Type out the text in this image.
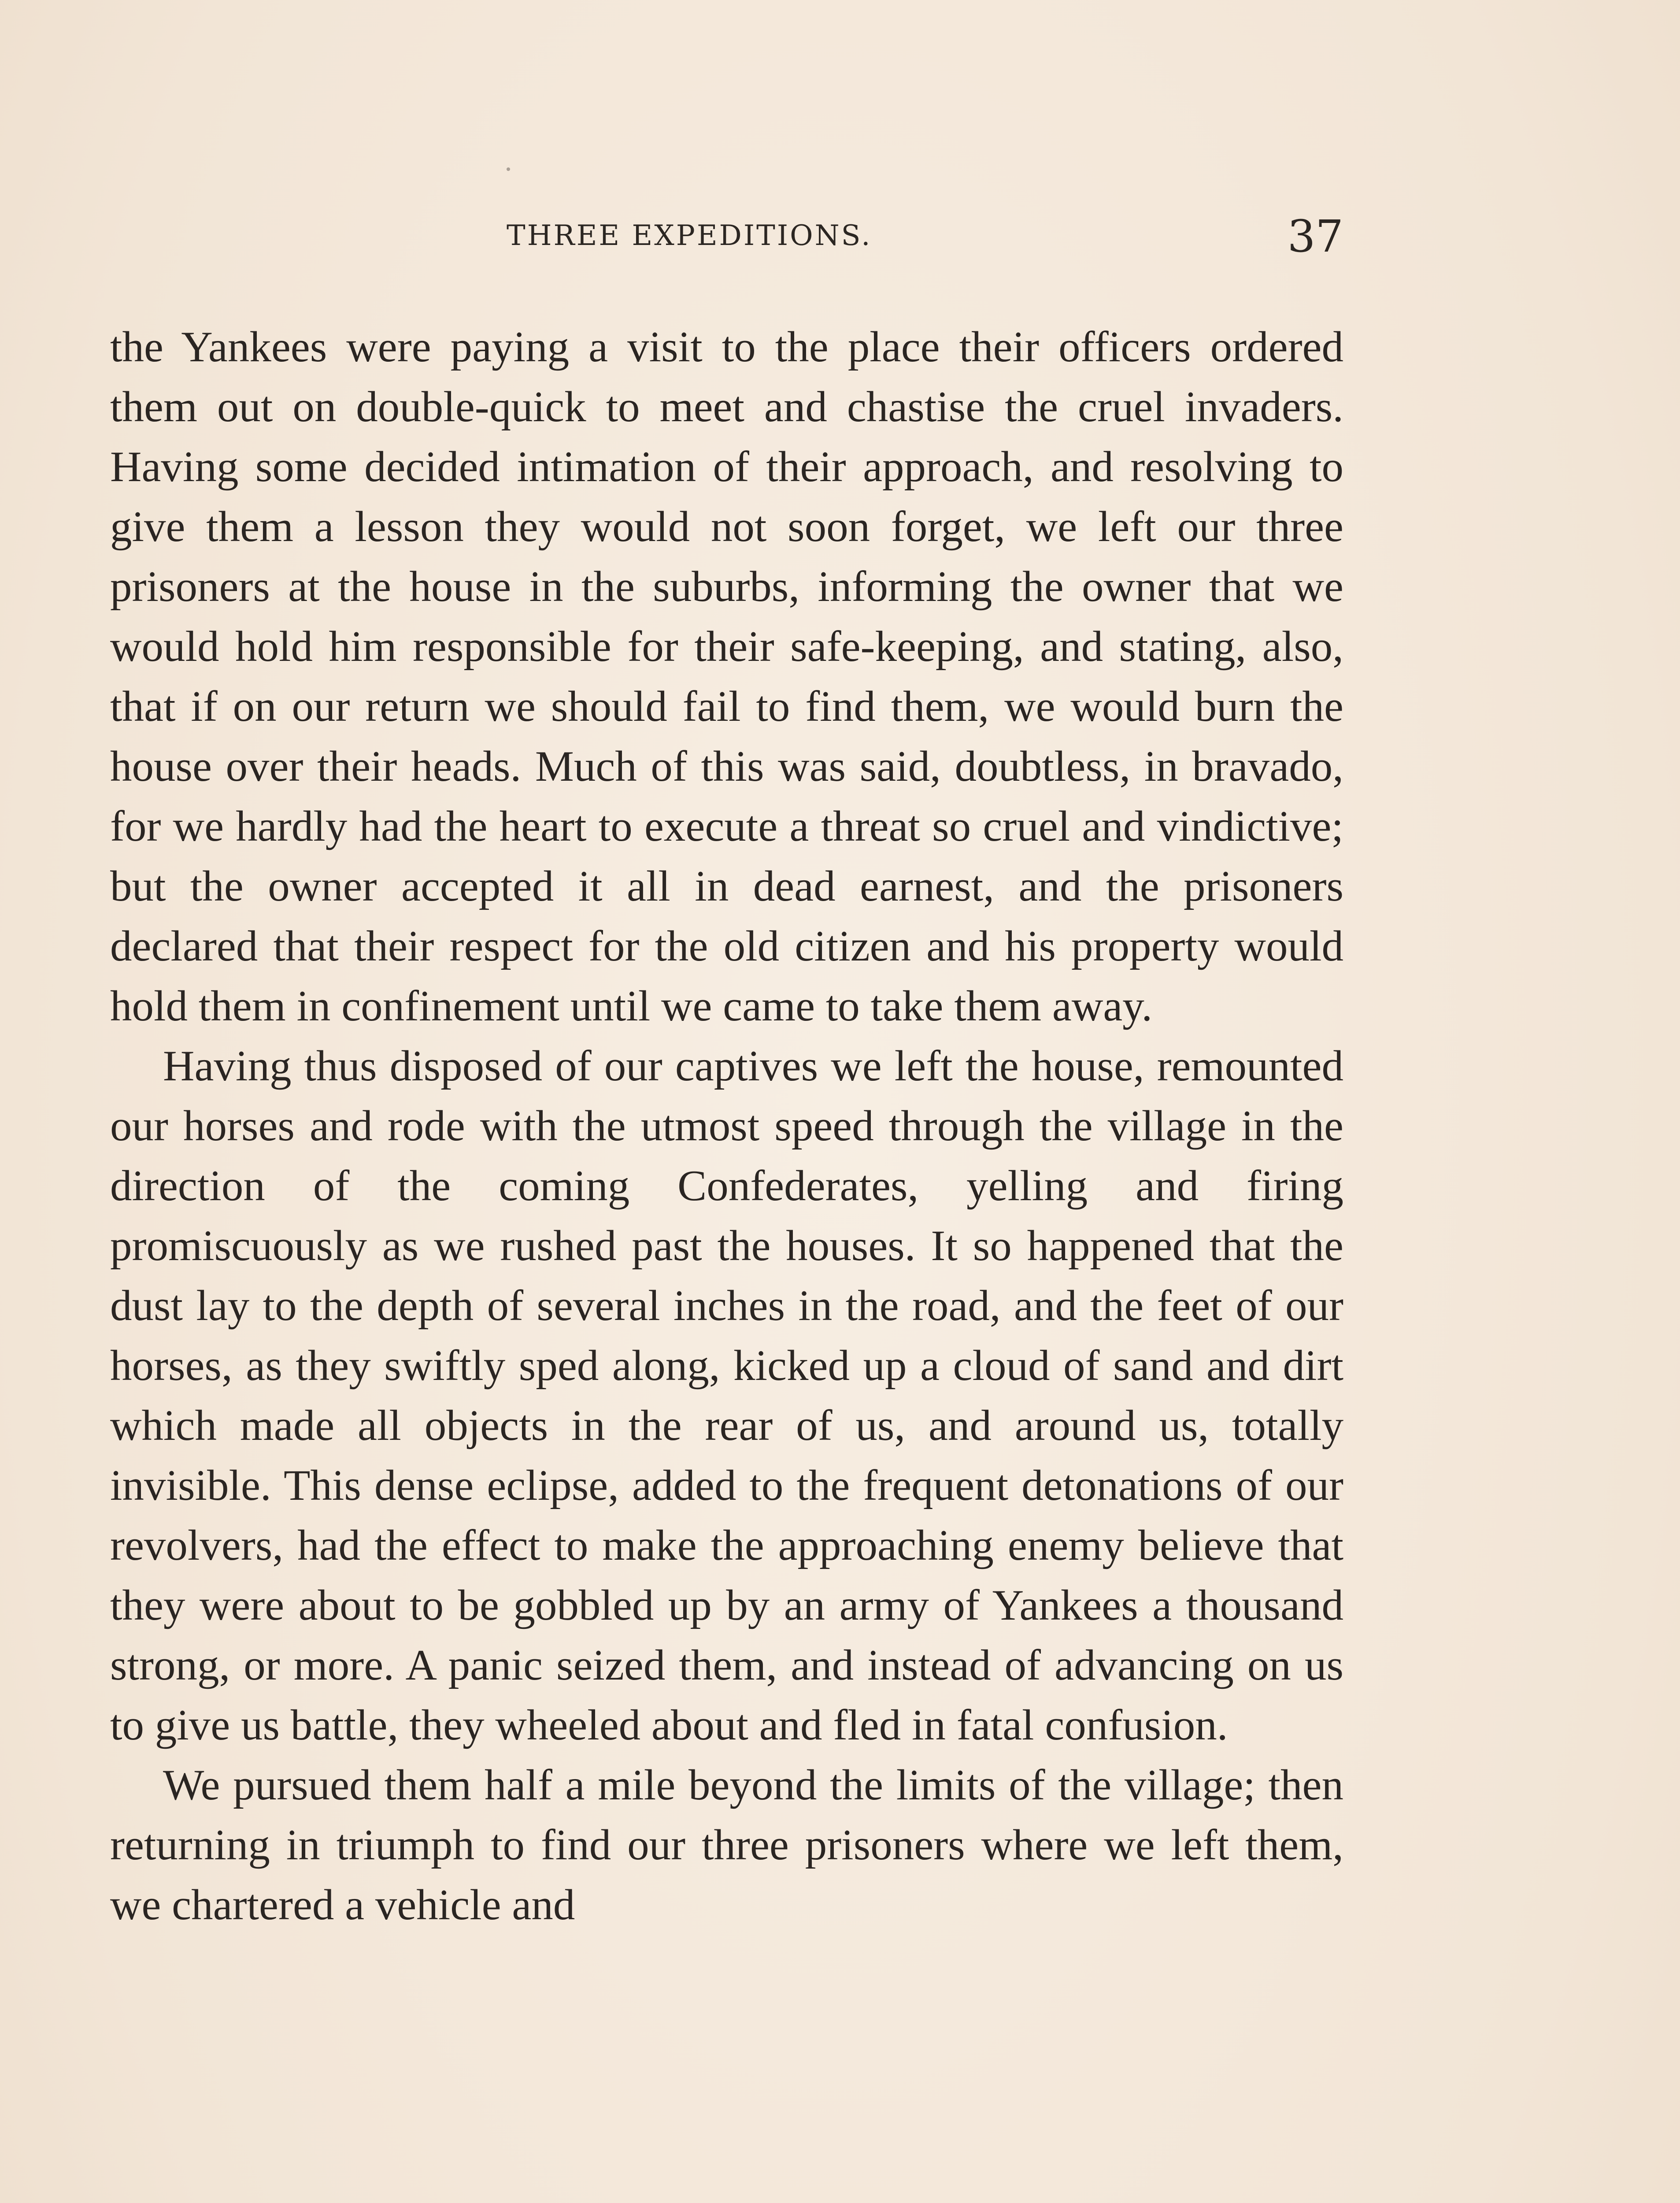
THREE EXPEDITIONS.	37

the Yankees were paying a visit to the place their officers ordered them out on double-quick to meet and chastise the cruel invaders. Having some decided intimation of their approach, and resolving to give them a lesson they would not soon forget, we left our three prisoners at the house in the suburbs, informing the owner that we would hold him responsible for their safe-keeping, and stating, also, that if on our return we should fail to find them, we would burn the house over their heads. Much of this was said, doubtless, in bravado, for we hardly had the heart to execute a threat so cruel and vindictive; but the owner accepted it all in dead earnest, and the prisoners declared that their respect for the old citizen and his property would hold them in confinement until we came to take them away.

Having thus disposed of our captives we left the house, remounted our horses and rode with the utmost speed through the village in the direction of the coming Confederates, yelling and firing promiscuously as we rushed past the houses. It so happened that the dust lay to the depth of several inches in the road, and the feet of our horses, as they swiftly sped along, kicked up a cloud of sand and dirt which made all objects in the rear of us, and around us, totally invisible. This dense eclipse, added to the frequent detonations of our revolvers, had the effect to make the approaching enemy believe that they were about to be gobbled up by an army of Yankees a thousand strong, or more. A panic seized them, and instead of advancing on us to give us battle, they wheeled about and fled in fatal confusion.

We pursued them half a mile beyond the limits of the village; then returning in triumph to find our three prisoners where we left them, we chartered a vehicle and
